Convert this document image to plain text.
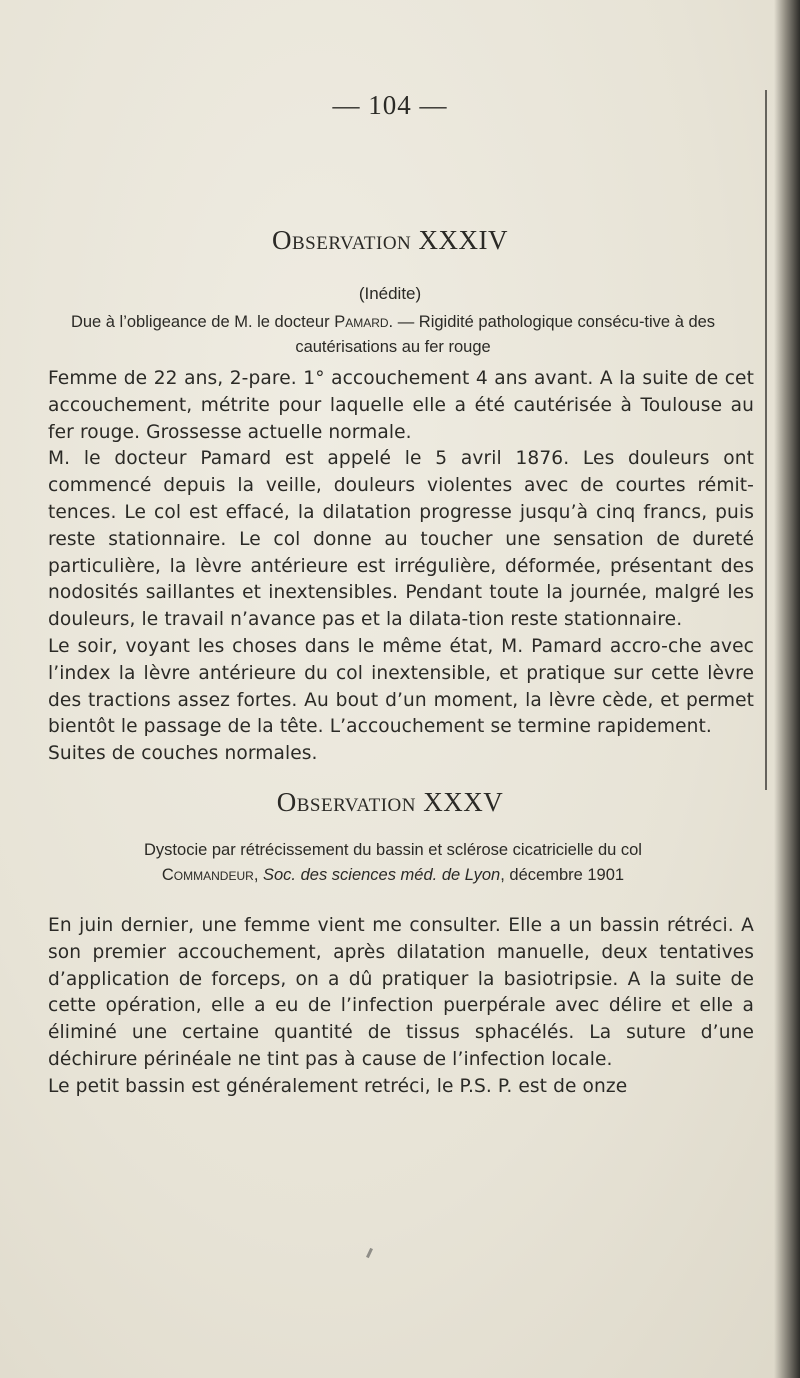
— 104 —
Observation XXXIV
(Inédite)
Due à l’obligeance de M. le docteur Pamard. — Rigidité pathologique consécu-tive à des cautérisations au fer rouge

Femme de 22 ans, 2-pare. 1° accouchement 4 ans avant. A la suite de cet accouchement, métrite pour laquelle elle a été cautérisée à Toulouse au fer rouge. Grossesse actuelle normale.

M. le docteur Pamard est appelé le 5 avril 1876. Les douleurs ont commencé depuis la veille, douleurs violentes avec de courtes rémit-tences. Le col est effacé, la dilatation progresse jusqu’à cinq francs, puis reste stationnaire. Le col donne au toucher une sensation de dureté particulière, la lèvre antérieure est irrégulière, déformée, présentant des nodosités saillantes et inextensibles. Pendant toute la journée, malgré les douleurs, le travail n’avance pas et la dilata-tion reste stationnaire.

Le soir, voyant les choses dans le même état, M. Pamard accro-che avec l’index la lèvre antérieure du col inextensible, et pratique sur cette lèvre des tractions assez fortes. Au bout d’un moment, la lèvre cède, et permet bientôt le passage de la tête. L’accouchement se termine rapidement.

Suites de couches normales.

Observation XXXV
Dystocie par rétrécissement du bassin et sclérose cicatricielle du col
Commandeur, Soc. des sciences méd. de Lyon, décembre 1901

En juin dernier, une femme vient me consulter. Elle a un bassin rétréci. A son premier accouchement, après dilatation manuelle, deux tentatives d’application de forceps, on a dû pratiquer la basiotripsie. A la suite de cette opération, elle a eu de l’infection puerpérale avec délire et elle a éliminé une certaine quantité de tissus sphacélés. La suture d’une déchirure périnéale ne tint pas à cause de l’infection locale.

Le petit bassin est généralement retréci, le P.S. P. est de onze
